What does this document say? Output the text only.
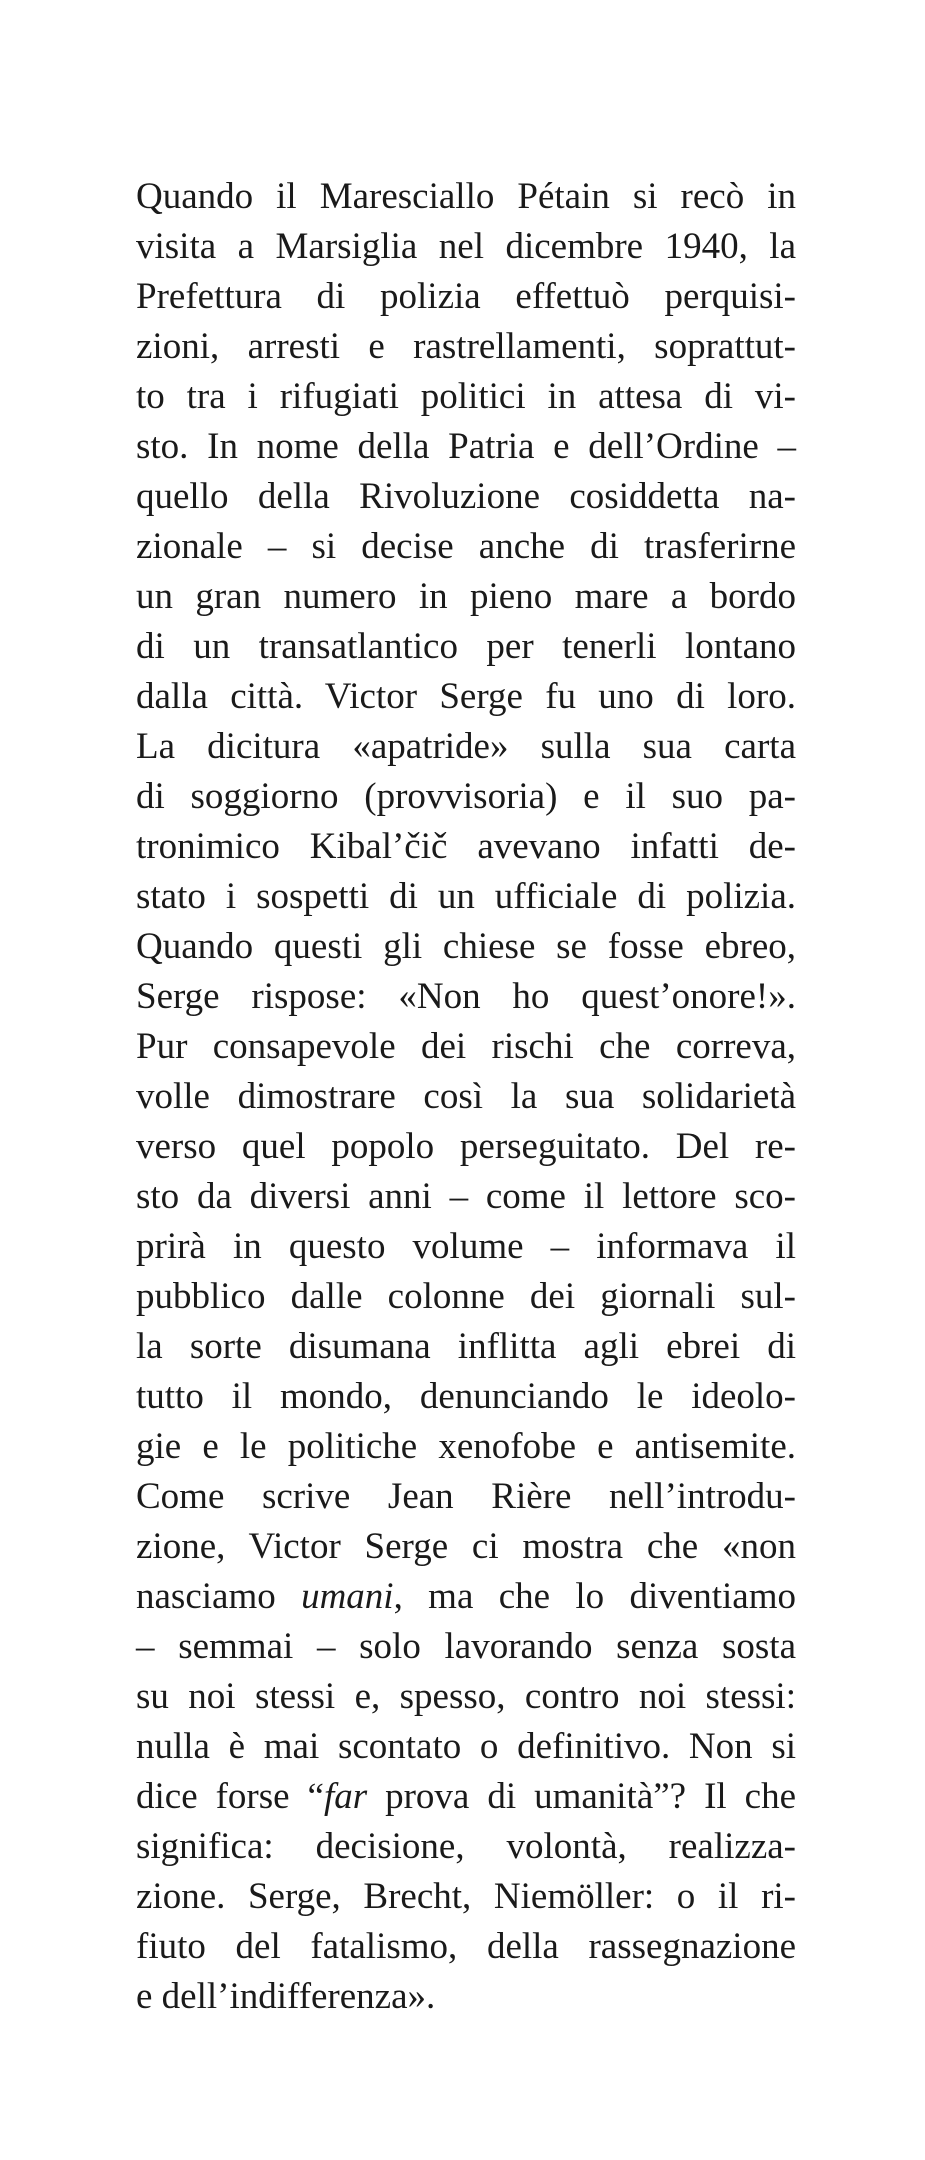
Quando il Maresciallo Pétain si recò in
visita a Marsiglia nel dicembre 1940, la
Prefettura di polizia effettuò perquisi-
zioni, arresti e rastrellamenti, soprattut-
to tra i rifugiati politici in attesa di vi-
sto. In nome della Patria e dell’Ordine –
quello della Rivoluzione cosiddetta na-
zionale – si decise anche di trasferirne
un gran numero in pieno mare a bordo
di un transatlantico per tenerli lontano
dalla città. Victor Serge fu uno di loro.
La dicitura «apatride» sulla sua carta
di soggiorno (provvisoria) e il suo pa-
tronimico Kibal’čič avevano infatti de-
stato i sospetti di un ufficiale di polizia.
Quando questi gli chiese se fosse ebreo,
Serge rispose: «Non ho quest’onore!».
Pur consapevole dei rischi che correva,
volle dimostrare così la sua solidarietà
verso quel popolo perseguitato. Del re-
sto da diversi anni – come il lettore sco-
prirà in questo volume – informava il
pubblico dalle colonne dei giornali sul-
la sorte disumana inflitta agli ebrei di
tutto il mondo, denunciando le ideolo-
gie e le politiche xenofobe e antisemite.
Come scrive Jean Rière nell’introdu-
zione, Victor Serge ci mostra che «non
nasciamo umani, ma che lo diventiamo
– semmai – solo lavorando senza sosta
su noi stessi e, spesso, contro noi stessi:
nulla è mai scontato o definitivo. Non si
dice forse “far prova di umanità”? Il che
significa: decisione, volontà, realizza-
zione. Serge, Brecht, Niemöller: o il ri-
fiuto del fatalismo, della rassegnazione
e dell’indifferenza».
